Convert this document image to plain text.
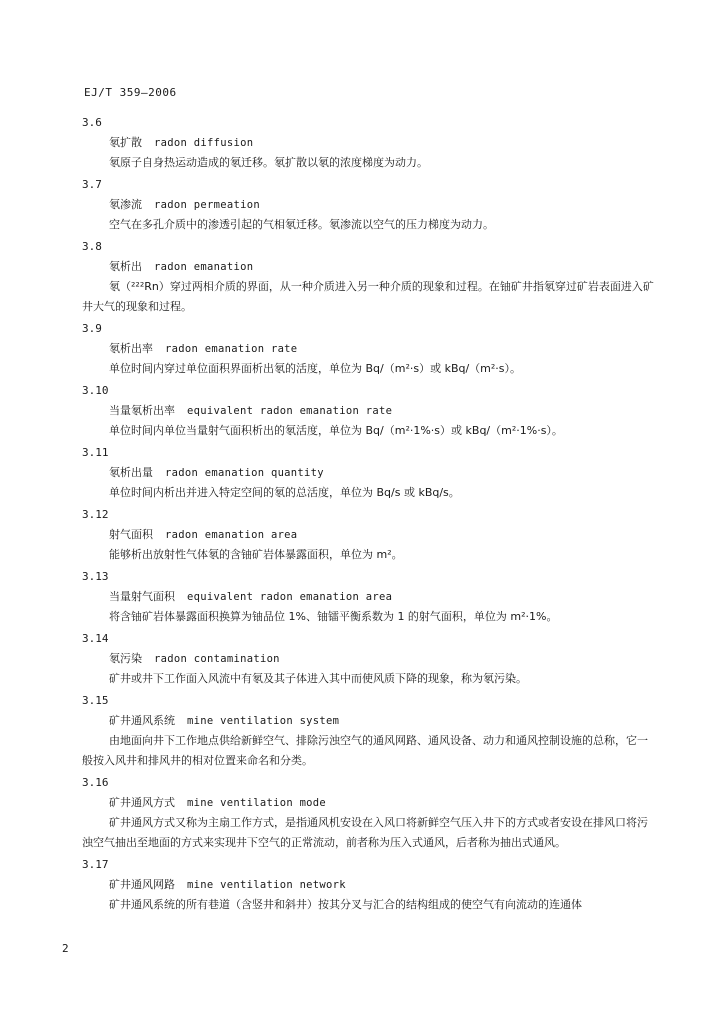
EJ/T 359—2006
3.6
氡扩散 radon diffusion
氡原子自身热运动造成的氡迁移。氡扩散以氡的浓度梯度为动力。
3.7
氡渗流 radon permeation
空气在多孔介质中的渗透引起的气相氡迁移。氡渗流以空气的压力梯度为动力。
3.8
氡析出 radon emanation
氡（²²²Rn）穿过两相介质的界面，从一种介质进入另一种介质的现象和过程。在铀矿井指氡穿过矿岩表面进入矿井大气的现象和过程。
3.9
氡析出率 radon emanation rate
单位时间内穿过单位面积界面析出氡的活度，单位为 Bq/（m²·s）或 kBq/（m²·s）。
3.10
当量氡析出率 equivalent radon emanation rate
单位时间内单位当量射气面积析出的氡活度，单位为 Bq/（m²·1%·s）或 kBq/（m²·1%·s）。
3.11
氡析出量 radon emanation quantity
单位时间内析出并进入特定空间的氡的总活度，单位为 Bq/s 或 kBq/s。
3.12
射气面积 radon emanation area
能够析出放射性气体氡的含铀矿岩体暴露面积，单位为 m²。
3.13
当量射气面积 equivalent radon emanation area
将含铀矿岩体暴露面积换算为铀品位 1%、铀镭平衡系数为 1 的射气面积，单位为 m²·1%。
3.14
氡污染 radon contamination
矿井或井下工作面入风流中有氡及其子体进入其中而使风质下降的现象，称为氡污染。
3.15
矿井通风系统 mine ventilation system
由地面向井下工作地点供给新鲜空气、排除污浊空气的通风网路、通风设备、动力和通风控制设施的总称，它一般按入风井和排风井的相对位置来命名和分类。
3.16
矿井通风方式 mine ventilation mode
矿井通风方式又称为主扇工作方式，是指通风机安设在入风口将新鲜空气压入井下的方式或者安设在排风口将污浊空气抽出至地面的方式来实现井下空气的正常流动，前者称为压入式通风，后者称为抽出式通风。
3.17
矿井通风网路 mine ventilation network
矿井通风系统的所有巷道（含竖井和斜井）按其分叉与汇合的结构组成的使空气有向流动的连通体
2
